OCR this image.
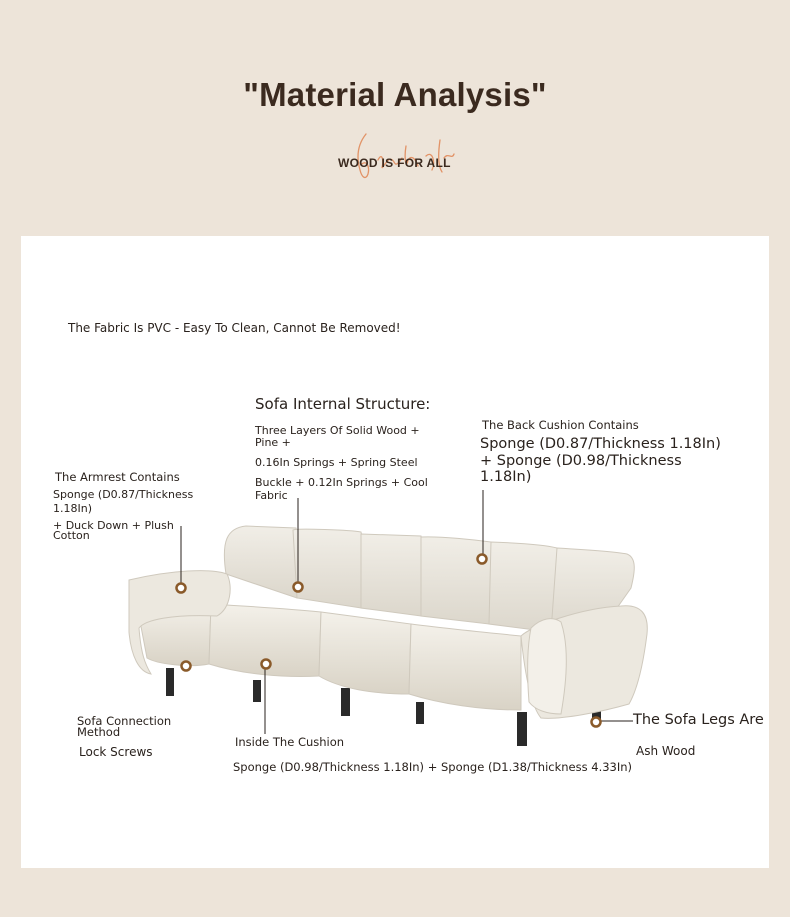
"Material Analysis"
WOOD IS FOR ALL
The Fabric Is PVC - Easy To Clean, Cannot Be Removed!
Sofa Internal Structure:
Three Layers Of Solid Wood +
Pine +
0.16In Springs + Spring Steel
Buckle + 0.12In Springs + Cool
Fabric
The Back Cushion Contains
Sponge (D0.87/Thickness 1.18In)
+ Sponge (D0.98/Thickness
1.18In)
The Armrest Contains
Sponge (D0.87/Thickness
1.18In)
+ Duck Down + Plush
Cotton
Sofa Connection
Method
Lock Screws
Inside The Cushion
Sponge (D0.98/Thickness 1.18In) + Sponge (D1.38/Thickness 4.33In)
The Sofa Legs Are
Ash Wood
